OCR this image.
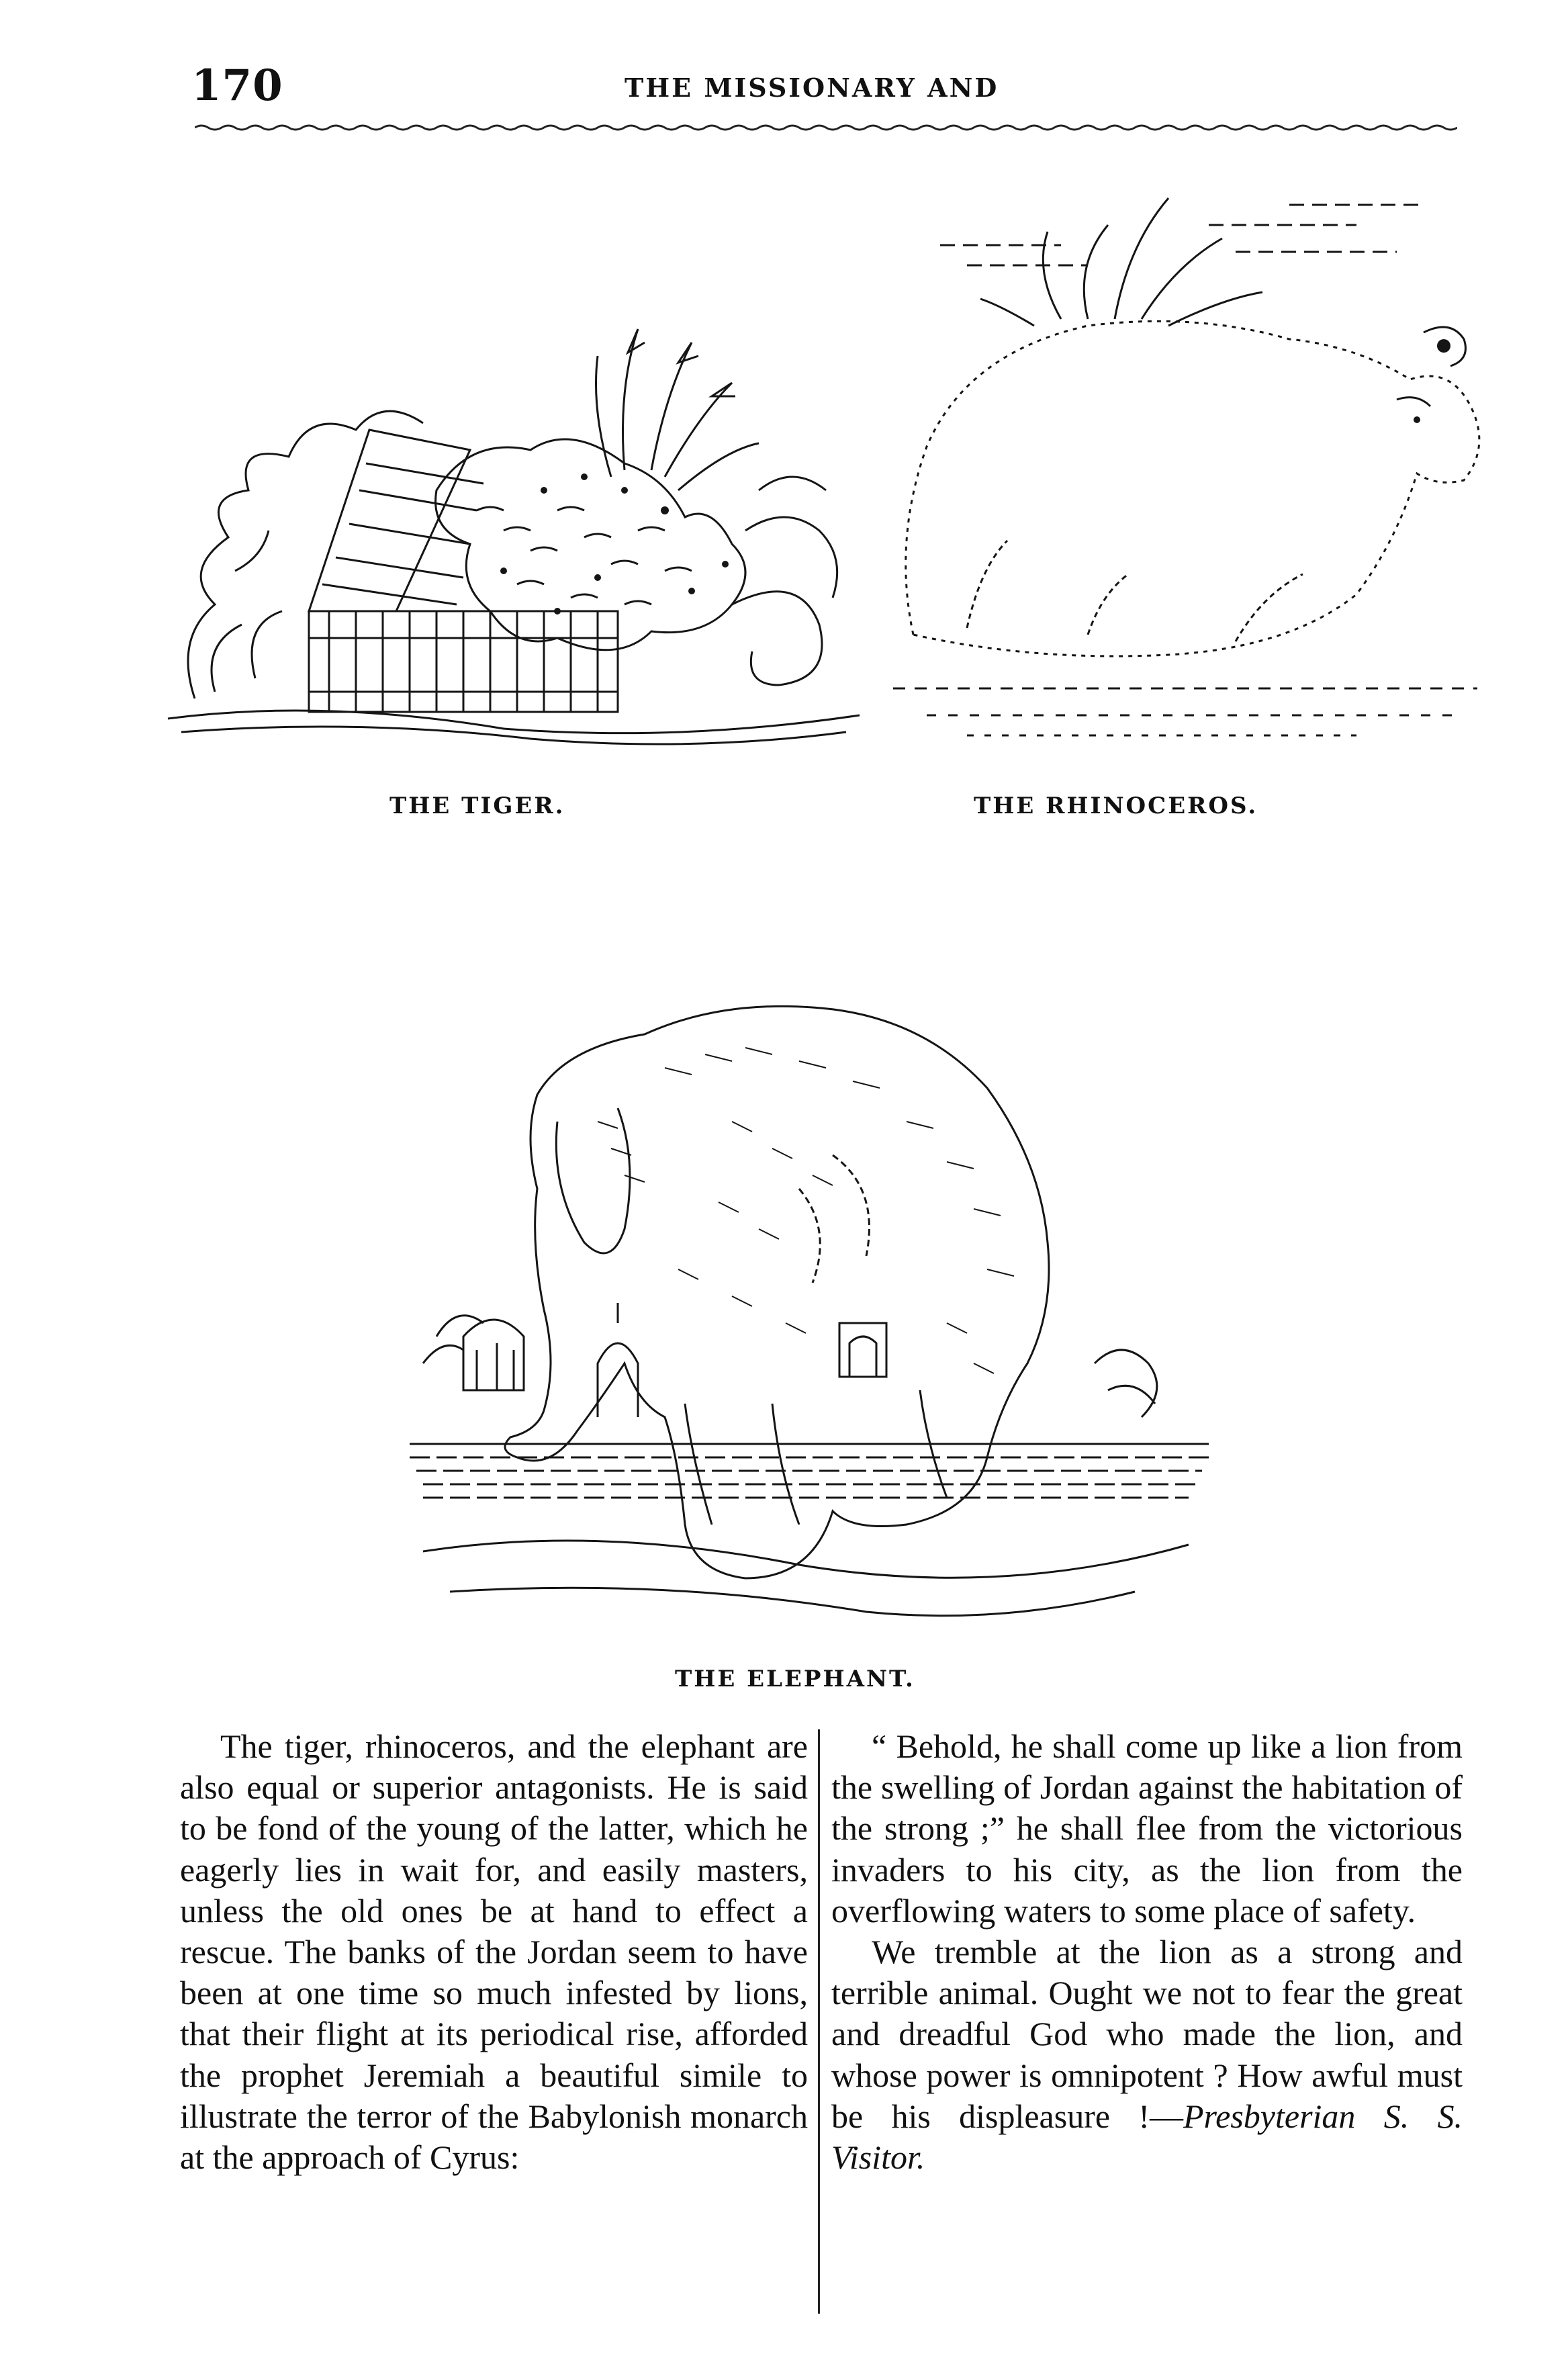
170	THE MISSIONARY AND
THE TIGER.	THE RHINOCEROS.
THE ELEPHANT.

The tiger, rhinoceros, and the elephant are also equal or superior antagonists. He is said to be fond of the young of the latter, which he eagerly lies in wait for, and easily masters, unless the old ones be at hand to effect a rescue. The banks of the Jordan seem to have been at one time so much infested by lions, that their flight at its periodical rise, afforded the prophet Jeremiah a beautiful simile to illustrate the terror of the Babylonish monarch at the approach of Cyrus:

“ Behold, he shall come up like a lion from the swelling of Jordan against the habitation of the strong ;” he shall flee from the victorious invaders to his city, as the lion from the overflowing waters to some place of safety.

We tremble at the lion as a strong and terrible animal. Ought we not to fear the great and dreadful God who made the lion, and whose power is omnipotent ? How awful must be his displeasure !—Presbyterian S. S. Visitor.
